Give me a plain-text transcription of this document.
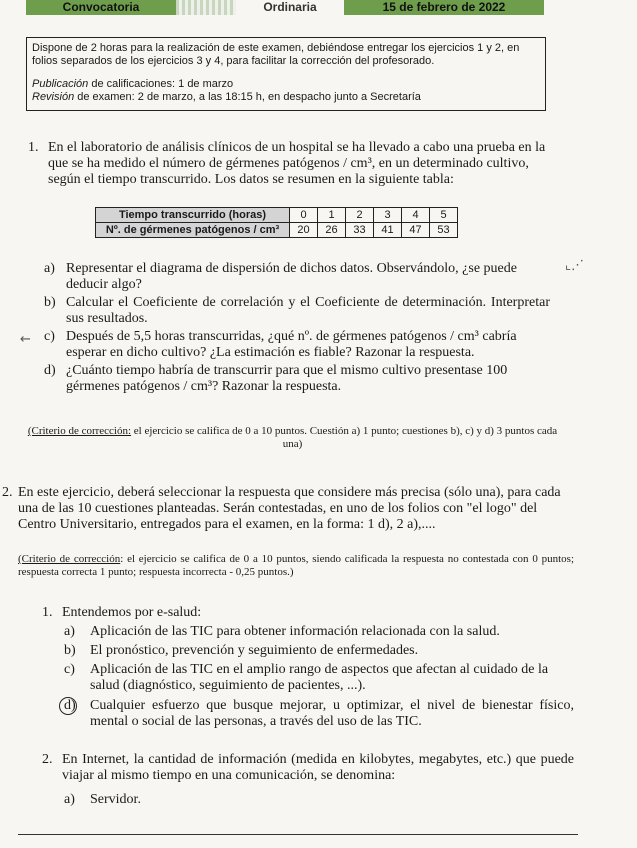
Convocatoria	Ordinaria	15 de febrero de 2022

Dispone de 2 horas para la realización de este examen, debiéndose entregar los ejercicios 1 y 2, en folios separados de los ejercicios 3 y 4, para facilitar la corrección del profesorado.

Publicación de calificaciones: 1 de marzo

Revisión de examen: 2 de marzo, a las 18:15 h, en despacho junto a Secretaría

1. En el laboratorio de análisis clínicos de un hospital se ha llevado a cabo una prueba en la que se ha medido el número de gérmenes patógenos / cm³, en un determinado cultivo, según el tiempo transcurrido. Los datos se resumen en la siguiente tabla:
Tiempo transcurrido (horas)	0	1	2	3	4	5
Nº. de gérmenes patógenos / cm³	20	26	33	41	47	53
a) Representar el diagrama de dispersión de dichos datos. Observándolo, ¿se puede deducir algo?
b) Calcular el Coeficiente de correlación y el Coeficiente de determinación. Interpretar sus resultados.
← c) Después de 5,5 horas transcurridas, ¿qué nº. de gérmenes patógenos / cm³ cabría esperar en dicho cultivo? ¿La estimación es fiable? Razonar la respuesta.
d) ¿Cuánto tiempo habría de transcurrir para que el mismo cultivo presentase 100 gérmenes patógenos / cm³? Razonar la respuesta.
⌞⋰
(Criterio de corrección: el ejercicio se califica de 0 a 10 puntos. Cuestión a) 1 punto; cuestiones b), c) y d) 3 puntos cada una)
2. En este ejercicio, deberá seleccionar la respuesta que considere más precisa (sólo una), para cada una de las 10 cuestiones planteadas. Serán contestadas, en uno de los folios con "el logo" del Centro Universitario, entregados para el examen, en la forma: 1 d), 2 a),....
(Criterio de corrección: el ejercicio se califica de 0 a 10 puntos, siendo calificada la respuesta no contestada con 0 puntos; respuesta correcta 1 punto; respuesta incorrecta - 0,25 puntos.)
1. Entendemos por e-salud:
a) Aplicación de las TIC para obtener información relacionada con la salud.
b) El pronóstico, prevención y seguimiento de enfermedades.
c) Aplicación de las TIC en el amplio rango de aspectos que afectan al cuidado de la salud (diagnóstico, seguimiento de pacientes, ...).
d) Cualquier esfuerzo que busque mejorar, u optimizar, el nivel de bienestar físico, mental o social de las personas, a través del uso de las TIC.
2. En Internet, la cantidad de información (medida en kilobytes, megabytes, etc.) que puede viajar al mismo tiempo en una comunicación, se denomina:
a) Servidor.
